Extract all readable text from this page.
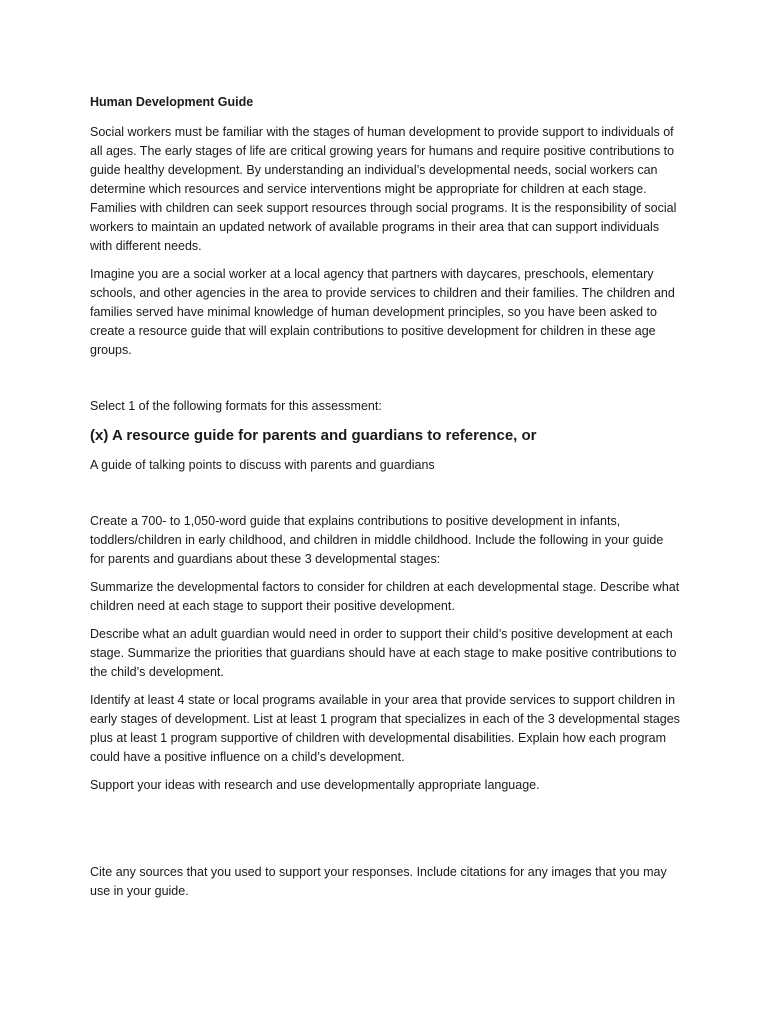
Human Development Guide

Social workers must be familiar with the stages of human development to provide support to individuals of all ages. The early stages of life are critical growing years for humans and require positive contributions to guide healthy development. By understanding an individual’s developmental needs, social workers can determine which resources and service interventions might be appropriate for children at each stage. Families with children can seek support resources through social programs. It is the responsibility of social workers to maintain an updated network of available programs in their area that can support individuals with different needs.

Imagine you are a social worker at a local agency that partners with daycares, preschools, elementary schools, and other agencies in the area to provide services to children and their families. The children and families served have minimal knowledge of human development principles, so you have been asked to create a resource guide that will explain contributions to positive development for children in these age groups.

Select 1 of the following formats for this assessment:

(x) A resource guide for parents and guardians to reference, or

A guide of talking points to discuss with parents and guardians

Create a 700- to 1,050-word guide that explains contributions to positive development in infants, toddlers/children in early childhood, and children in middle childhood. Include the following in your guide for parents and guardians about these 3 developmental stages:

Summarize the developmental factors to consider for children at each developmental stage. Describe what children need at each stage to support their positive development.

Describe what an adult guardian would need in order to support their child’s positive development at each stage. Summarize the priorities that guardians should have at each stage to make positive contributions to the child’s development.

Identify at least 4 state or local programs available in your area that provide services to support children in early stages of development. List at least 1 program that specializes in each of the 3 developmental stages plus at least 1 program supportive of children with developmental disabilities. Explain how each program could have a positive influence on a child’s development.

Support your ideas with research and use developmentally appropriate language.

Cite any sources that you used to support your responses. Include citations for any images that you may use in your guide.
